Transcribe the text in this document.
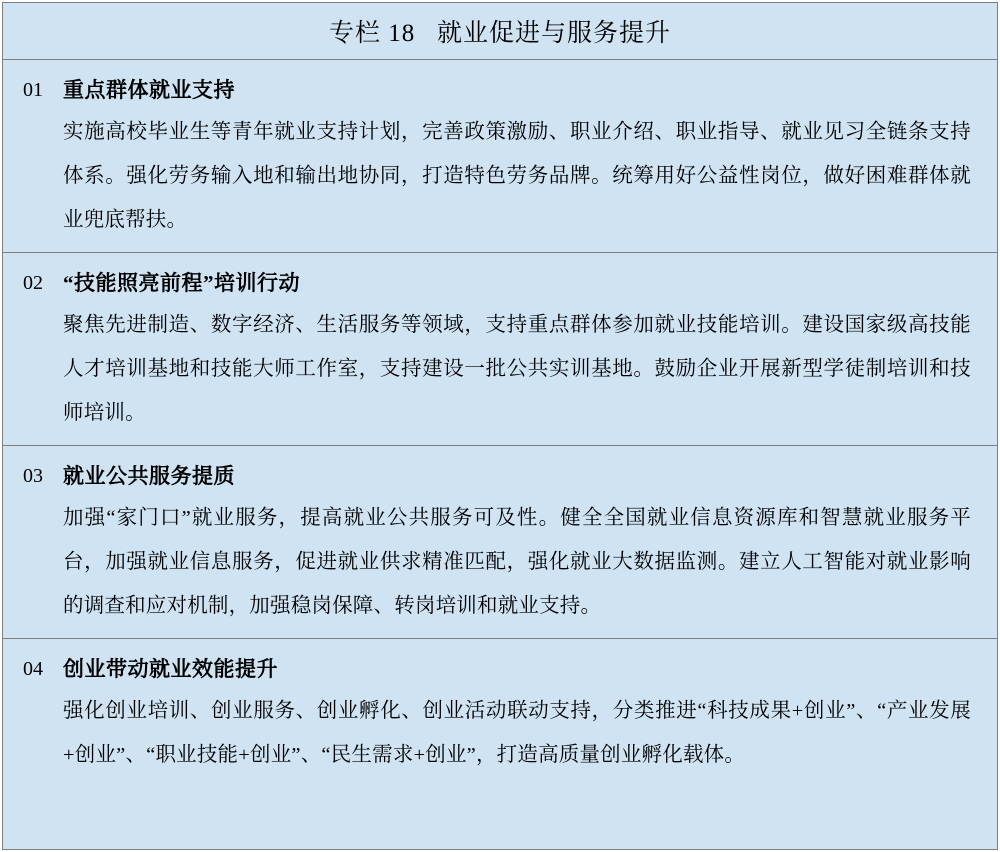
专栏 18   就业促进与服务提升
01 重点群体就业支持
实施高校毕业生等青年就业支持计划，完善政策激励、职业介绍、职业指导、就业见习全链条支持体系。强化劳务输入地和输出地协同，打造特色劳务品牌。统筹用好公益性岗位，做好困难群体就业兜底帮扶。
02 “技能照亮前程”培训行动
聚焦先进制造、数字经济、生活服务等领域，支持重点群体参加就业技能培训。建设国家级高技能人才培训基地和技能大师工作室，支持建设一批公共实训基地。鼓励企业开展新型学徒制培训和技师培训。
03 就业公共服务提质
加强“家门口”就业服务，提高就业公共服务可及性。健全全国就业信息资源库和智慧就业服务平台，加强就业信息服务，促进就业供求精准匹配，强化就业大数据监测。建立人工智能对就业影响的调查和应对机制，加强稳岗保障、转岗培训和就业支持。
04 创业带动就业效能提升
强化创业培训、创业服务、创业孵化、创业活动联动支持，分类推进“科技成果+创业”、“产业发展+创业”、“职业技能+创业”、“民生需求+创业”，打造高质量创业孵化载体。
